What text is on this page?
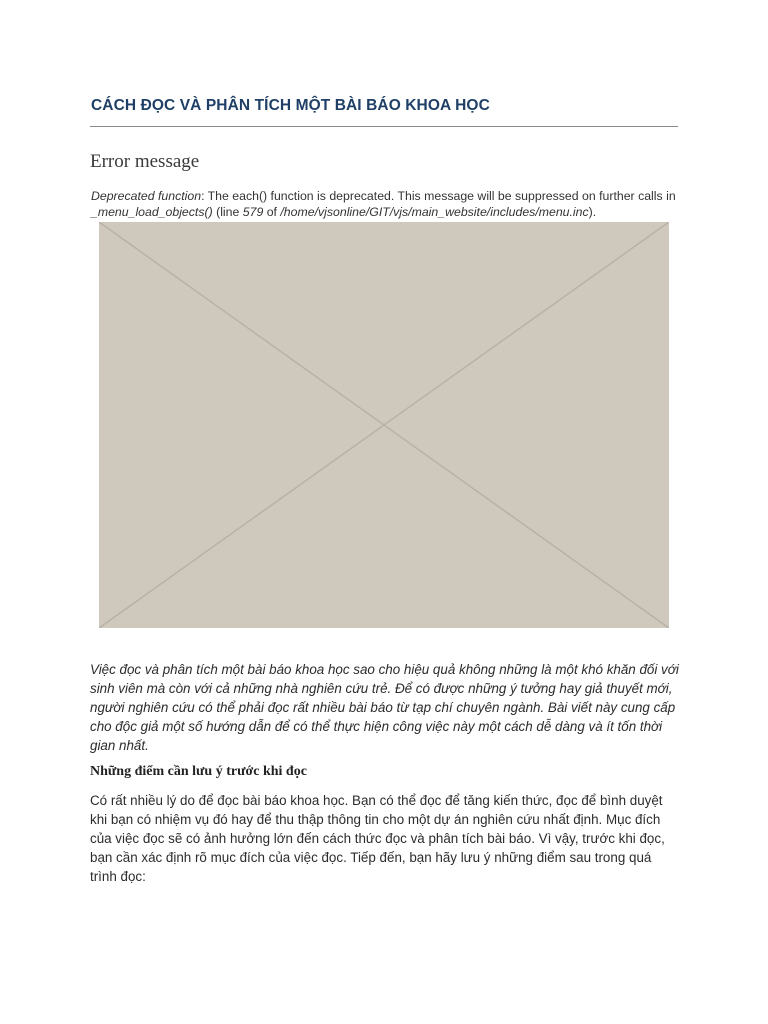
CÁCH ĐỌC VÀ PHÂN TÍCH MỘT BÀI BÁO KHOA HỌC
Error message
Deprecated function: The each() function is deprecated. This message will be suppressed on further calls in _menu_load_objects() (line 579 of /home/vjsonline/GIT/vjs/main_website/includes/menu.inc).
Việc đọc và phân tích một bài báo khoa học sao cho hiệu quả không những là một khó khăn đối với sinh viên mà còn với cả những nhà nghiên cứu trẻ. Để có được những ý tưởng hay giả thuyết mới, người nghiên cứu có thể phải đọc rất nhiều bài báo từ tạp chí chuyên ngành. Bài viết này cung cấp cho độc giả một số hướng dẫn để có thể thực hiện công việc này một cách dễ dàng và ít tốn thời gian nhất.
Những điểm cần lưu ý trước khi đọc
Có rất nhiều lý do để đọc bài báo khoa học. Bạn có thể đọc để tăng kiến thức, đọc để bình duyệt khi bạn có nhiệm vụ đó hay để thu thập thông tin cho một dự án nghiên cứu nhất định. Mục đích của việc đọc sẽ có ảnh hưởng lớn đến cách thức đọc và phân tích bài báo. Vì vậy, trước khi đọc, bạn cần xác định rõ mục đích của việc đọc. Tiếp đến, bạn hãy lưu ý những điểm sau trong quá trình đọc:
